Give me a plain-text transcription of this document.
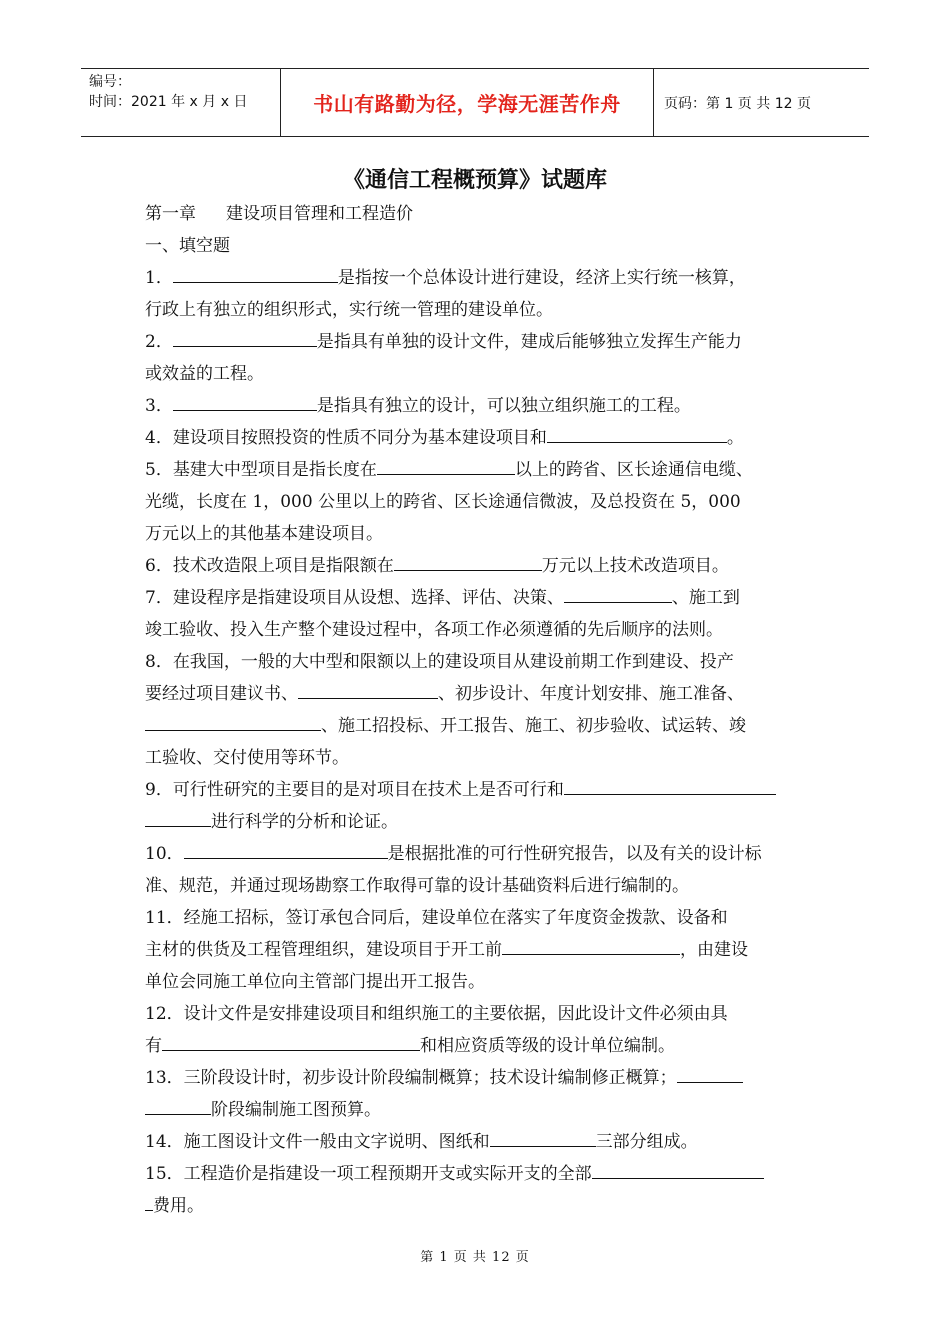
编号：
时间：2021 年 x 月 x 日	书山有路勤为径，学海无涯苦作舟	页码：第 1 页 共 12 页
《通信工程概预算》试题库

第一章 建设项目管理和工程造价

一、填空题

1．	是指按一个总体设计进行建设，经济上实行统一核算，

行政上有独立的组织形式，实行统一管理的建设单位。

2．	是指具有单独的设计文件，建成后能够独立发挥生产能力

或效益的工程。

3．	是指具有独立的设计，可以独立组织施工的工程。

4．建设项目按照投资的性质不同分为基本建设项目和	。

5．基建大中型项目是指长度在	以上的跨省、区长途通信电缆、

光缆，长度在 1，000 公里以上的跨省、区长途通信微波，及总投资在 5，000

万元以上的其他基本建设项目。

6．技术改造限上项目是指限额在	万元以上技术改造项目。

7．建设程序是指建设项目从设想、选择、评估、决策、	、施工到

竣工验收、投入生产整个建设过程中，各项工作必须遵循的先后顺序的法则。

8．在我国，一般的大中型和限额以上的建设项目从建设前期工作到建设、投产

要经过项目建议书、	、初步设计、年度计划安排、施工准备、

、施工招投标、开工报告、施工、初步验收、试运转、竣

工验收、交付使用等环节。

9．可行性研究的主要目的是对项目在技术上是否可行和

进行科学的分析和论证。

10．	是根据批准的可行性研究报告，以及有关的设计标

准、规范，并通过现场勘察工作取得可靠的设计基础资料后进行编制的。

11．经施工招标，签订承包合同后，建设单位在落实了年度资金拨款、设备和

主材的供货及工程管理组织，建设项目于开工前	，由建设

单位会同施工单位向主管部门提出开工报告。

12．设计文件是安排建设项目和组织施工的主要依据，因此设计文件必须由具

有	和相应资质等级的设计单位编制。

13．三阶段设计时，初步设计阶段编制概算；技术设计编制修正概算；

阶段编制施工图预算。

14．施工图设计文件一般由文字说明、图纸和	三部分组成。

15．工程造价是指建设一项工程预期开支或实际开支的全部

费用。

第 1 页 共 12 页
